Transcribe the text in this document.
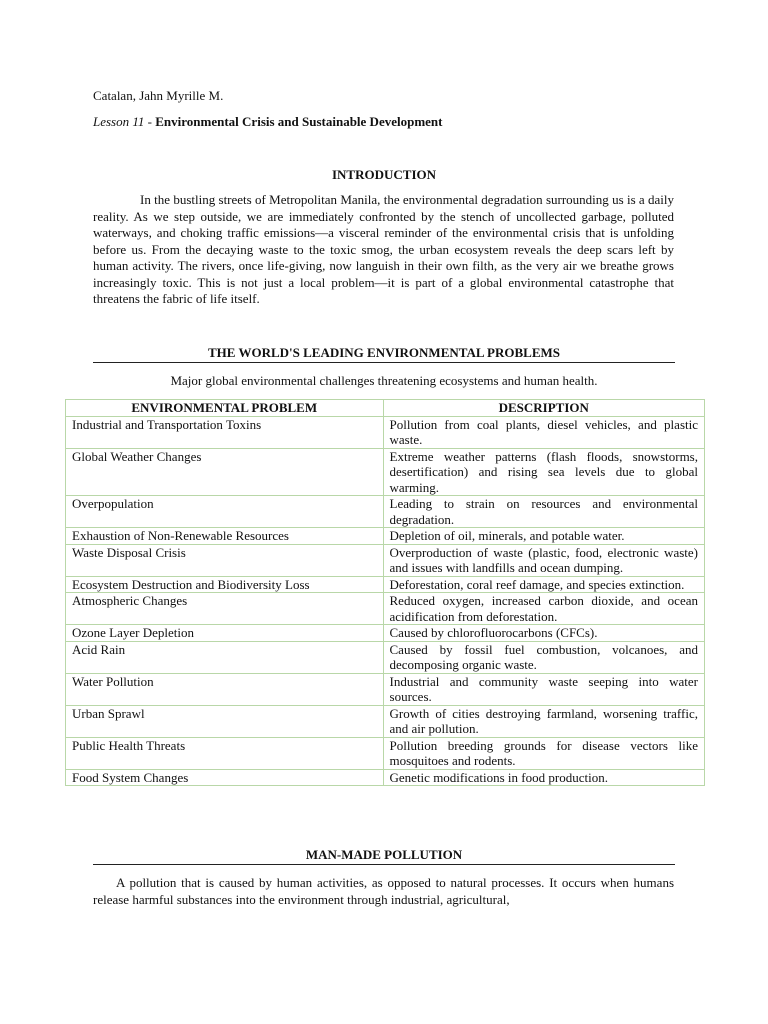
Catalan, Jahn Myrille M.
Lesson 11 - Environmental Crisis and Sustainable Development
INTRODUCTION

In the bustling streets of Metropolitan Manila, the environmental degradation surrounding us is a daily reality. As we step outside, we are immediately confronted by the stench of uncollected garbage, polluted waterways, and choking traffic emissions—a visceral reminder of the environmental crisis that is unfolding before us. From the decaying waste to the toxic smog, the urban ecosystem reveals the deep scars left by human activity. The rivers, once life-giving, now languish in their own filth, as the very air we breathe grows increasingly toxic. This is not just a local problem—it is part of a global environmental catastrophe that threatens the fabric of life itself.

THE WORLD'S LEADING ENVIRONMENTAL PROBLEMS
Major global environmental challenges threatening ecosystems and human health.
ENVIRONMENTAL PROBLEM	DESCRIPTION
Industrial and Transportation Toxins	Pollution from coal plants, diesel vehicles, and plastic waste.
Global Weather Changes	Extreme weather patterns (flash floods, snowstorms, desertification) and rising sea levels due to global warming.
Overpopulation	Leading to strain on resources and environmental degradation.
Exhaustion of Non-Renewable Resources	Depletion of oil, minerals, and potable water.
Waste Disposal Crisis	Overproduction of waste (plastic, food, electronic waste) and issues with landfills and ocean dumping.
Ecosystem Destruction and Biodiversity Loss	Deforestation, coral reef damage, and species extinction.
Atmospheric Changes	Reduced oxygen, increased carbon dioxide, and ocean acidification from deforestation.
Ozone Layer Depletion	Caused by chlorofluorocarbons (CFCs).
Acid Rain	Caused by fossil fuel combustion, volcanoes, and decomposing organic waste.
Water Pollution	Industrial and community waste seeping into water sources.
Urban Sprawl	Growth of cities destroying farmland, worsening traffic, and air pollution.
Public Health Threats	Pollution breeding grounds for disease vectors like mosquitoes and rodents.
Food System Changes	Genetic modifications in food production.
MAN-MADE POLLUTION

A pollution that is caused by human activities, as opposed to natural processes. It occurs when humans release harmful substances into the environment through industrial, agricultural,
